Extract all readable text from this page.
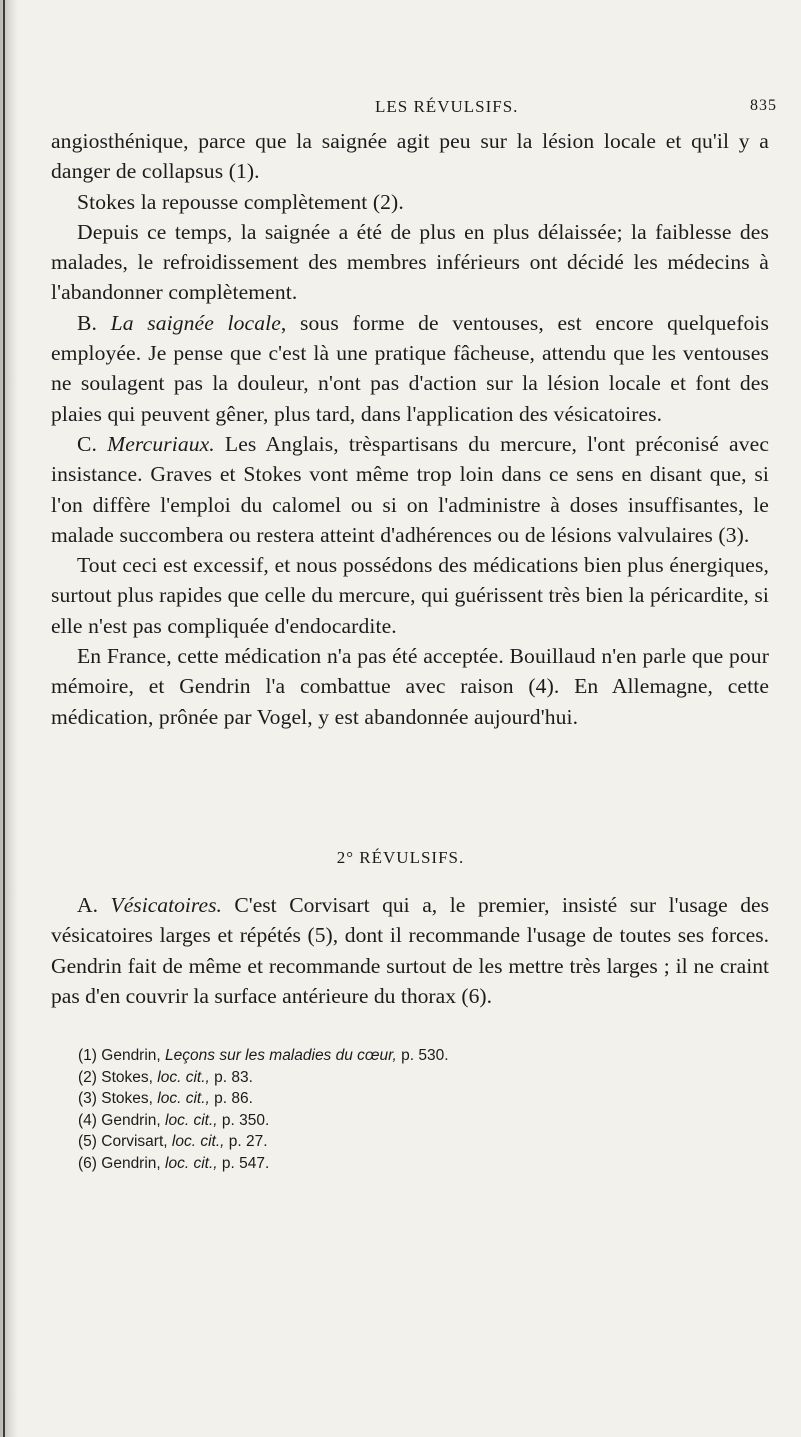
LES RÉVULSIFS.	835

angiosthénique, parce que la saignée agit peu sur la lésion locale et qu'il y a danger de collapsus (1).

Stokes la repousse complètement (2).

Depuis ce temps, la saignée a été de plus en plus délaissée; la faiblesse des malades, le refroidissement des membres inférieurs ont décidé les médecins à l'abandonner complètement.

B. La saignée locale, sous forme de ventouses, est encore quelquefois employée. Je pense que c'est là une pratique fâcheuse, attendu que les ventouses ne soulagent pas la douleur, n'ont pas d'action sur la lésion locale et font des plaies qui peuvent gêner, plus tard, dans l'application des vésicatoires.

C. Mercuriaux. Les Anglais, trèspartisans du mercure, l'ont préconisé avec insistance. Graves et Stokes vont même trop loin dans ce sens en disant que, si l'on diffère l'emploi du calomel ou si on l'administre à doses insuffisantes, le malade succombera ou restera atteint d'adhérences ou de lésions valvulaires (3).

Tout ceci est excessif, et nous possédons des médications bien plus énergiques, surtout plus rapides que celle du mercure, qui guérissent très bien la péricardite, si elle n'est pas compliquée d'endocardite.

En France, cette médication n'a pas été acceptée. Bouillaud n'en parle que pour mémoire, et Gendrin l'a combattue avec raison (4). En Allemagne, cette médication, prônée par Vogel, y est abandonnée aujourd'hui.

2° RÉVULSIFS.

A. Vésicatoires. C'est Corvisart qui a, le premier, insisté sur l'usage des vésicatoires larges et répétés (5), dont il recommande l'usage de toutes ses forces. Gendrin fait de même et recommande surtout de les mettre très larges ; il ne craint pas d'en couvrir la surface antérieure du thorax (6).

(1) Gendrin, Leçons sur les maladies du cœur, p. 530.
(2) Stokes, loc. cit., p. 83.
(3) Stokes, loc. cit., p. 86.
(4) Gendrin, loc. cit., p. 350.
(5) Corvisart, loc. cit., p. 27.
(6) Gendrin, loc. cit., p. 547.
